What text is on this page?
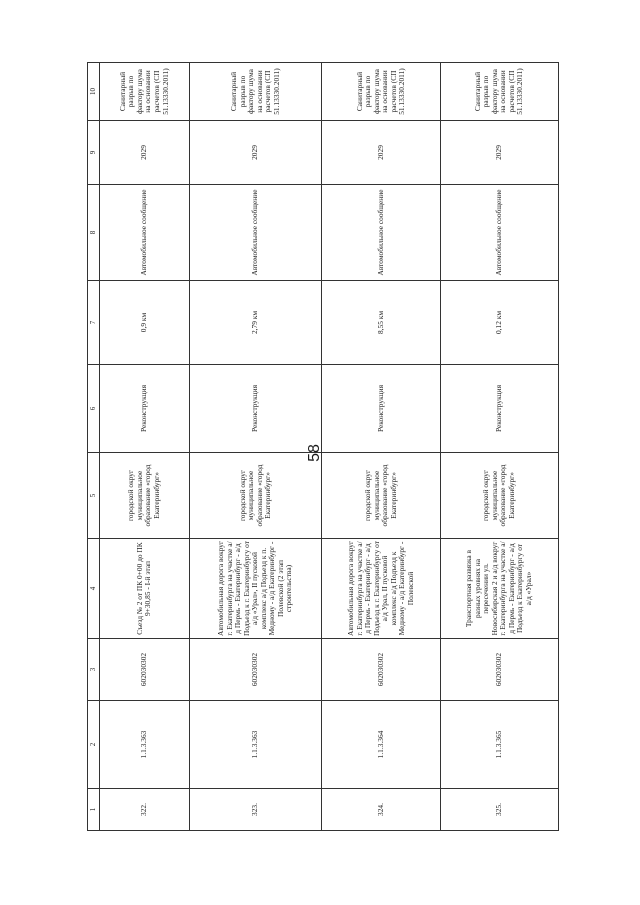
58
1	2	3	4	5	6	7	8	9	10
322.	1.1.3.363	602030302	Съезд № 2 от ПК 0+00 до ПК 9+30,85 - I-й этап	городской округ муниципальное образование «город Екатеринбург»	Реконструкция	0,9 км	Автомобильное сообщение	2029	Санитарный разрыв по фактору шума на основании расчетов (СП 51.13330.2011)
323.	1.1.3.363	602030302	Автомобильная дорога вокруг г. Екатеринбурга на участке а/д Пермь - Екатеринбург - а/д Подъезд к г. Екатеринбургу от а/д «Урал», II пусковой комплекс а/д Подъезд к п. Медному - а/д Екатеринбург - Полевской (2 этап строительства)	городской округ муниципальное образование «город Екатеринбург»	Реконструкция	2,79 км	Автомобильное сообщение	2029	Санитарный разрыв по фактору шума на основании расчетов (СП 51.13330.2011)
324.	1.1.3.364	602030302	Автомобильная дорога вокруг г. Екатеринбурга на участке а/д Пермь - Екатеринбург - а/д Подъезд к г. Екатеринбургу от а/д Урал, II пусковой комплекс а/д Подъезд к Медному - а/д Екатеринбург - Полевской	городской округ муниципальное образование «город Екатеринбург»	Реконструкция	8,55 км	Автомобильное сообщение	2029	Санитарный разрыв по фактору шума на основании расчетов (СП 51.13330.2011)
325.	1.1.3.365	602030302	Транспортная развязка в разных уровнях на пересечении ул. Новосибирская 2 и а/д вокруг г. Екатеринбурга на участке а/д Пермь - Екатеринбург - а/д Подъезд к Екатеринбургу от а/д «Урал»	городской округ муниципальное образование «город Екатеринбург»	Реконструкция	0,12 км	Автомобильное сообщение	2029	Санитарный разрыв по фактору шума на основании расчетов (СП 51.13330.2011)
